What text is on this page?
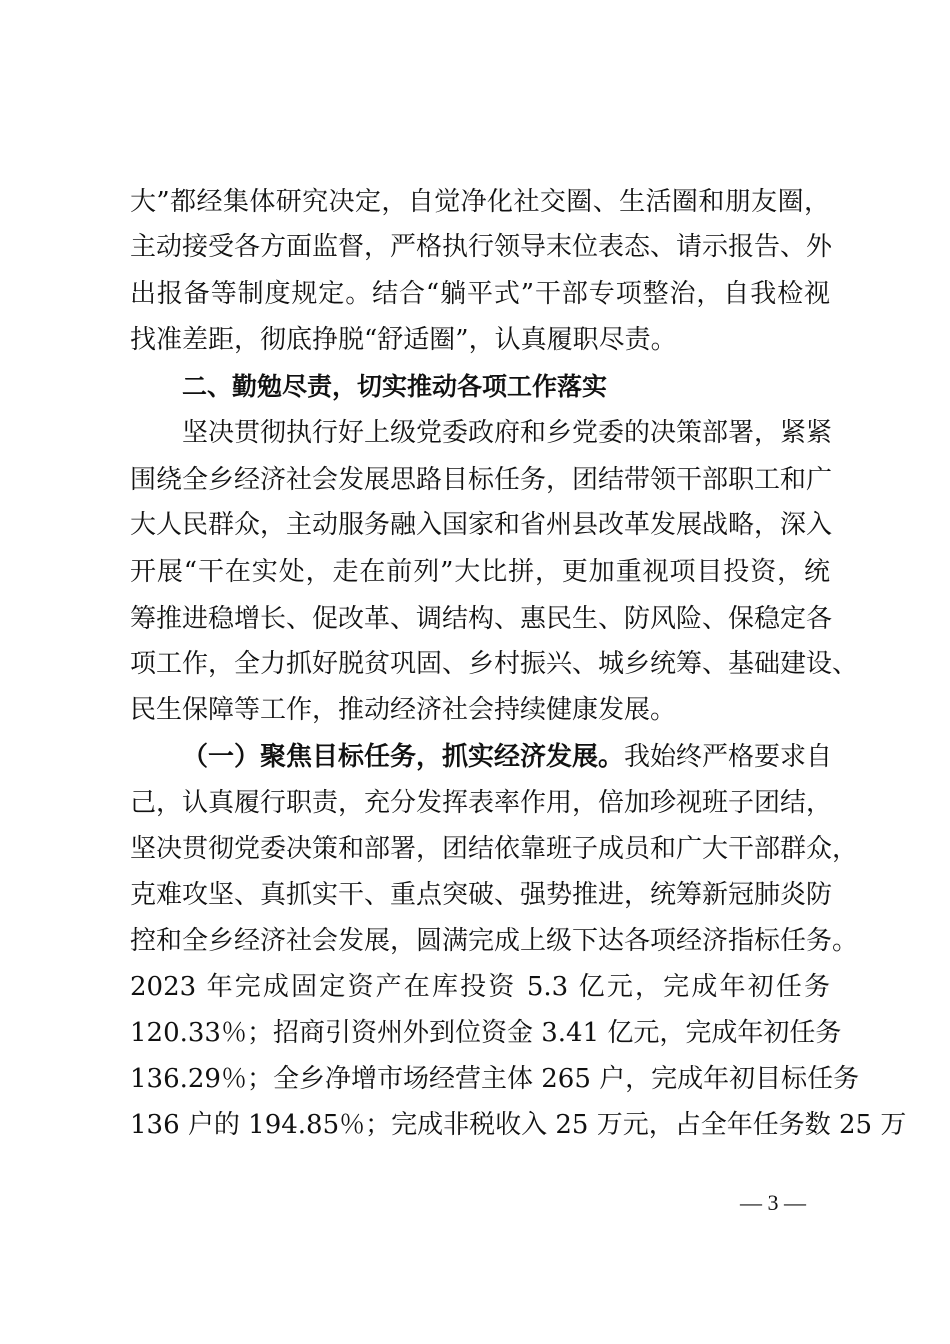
大”都经集体研究决定，自觉净化社交圈、生活圈和朋友圈，
主动接受各方面监督，严格执行领导末位表态、请示报告、外
出报备等制度规定。结合“躺平式”干部专项整治，自我检视
找准差距，彻底挣脱“舒适圈”，认真履职尽责。
二、勤勉尽责，切实推动各项工作落实
坚决贯彻执行好上级党委政府和乡党委的决策部署，紧紧
围绕全乡经济社会发展思路目标任务，团结带领干部职工和广
大人民群众，主动服务融入国家和省州县改革发展战略，深入
开展“干在实处，走在前列”大比拼，更加重视项目投资，统
筹推进稳增长、促改革、调结构、惠民生、防风险、保稳定各
项工作，全力抓好脱贫巩固、乡村振兴、城乡统筹、基础建设、
民生保障等工作，推动经济社会持续健康发展。
（一）聚焦目标任务，抓实经济发展。我始终严格要求自
己，认真履行职责，充分发挥表率作用，倍加珍视班子团结，
坚决贯彻党委决策和部署，团结依靠班子成员和广大干部群众，
克难攻坚、真抓实干、重点突破、强势推进，统筹新冠肺炎防
控和全乡经济社会发展，圆满完成上级下达各项经济指标任务。
2023 年完成固定资产在库投资 5.3 亿元，完成年初任务
120.33％；招商引资州外到位资金 3.41 亿元，完成年初任务
136.29％；全乡净增市场经营主体 265 户，完成年初目标任务
136 户的 194.85％；完成非税收入 25 万元，占全年任务数 25 万
— 3 —
